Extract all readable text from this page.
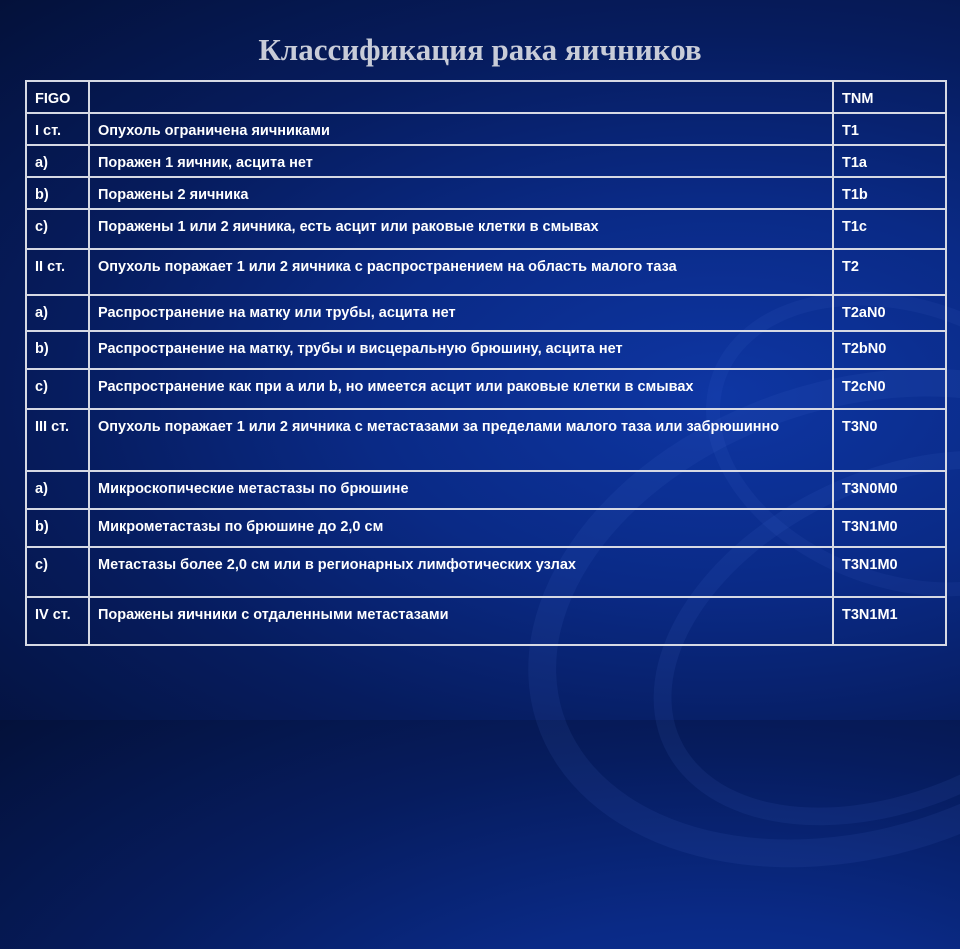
Классификация рака яичников
FIGO		TNM
I ст.	Опухоль ограничена яичниками	T1
а)	Поражен 1 яичник, асцита нет	T1a
b)	Поражены 2 яичника	T1b
c)	Поражены 1 или 2 яичника, есть асцит или раковые клетки в смывах	T1c
II ст.	Опухоль поражает 1 или 2 яичника с распространением на область малого таза	T2
a)	Распространение на матку или трубы, асцита нет	T2aN0
b)	Распространение на матку, трубы и висцеральную брюшину, асцита нет	T2bN0
c)	Распространение как при a или b, но имеется асцит или раковые клетки в смывах	T2cN0
III ст.	Опухоль поражает 1 или 2 яичника с метастазами за пределами малого таза или забрюшинно	T3N0
a)	Микроскопические метастазы по брюшине	T3N0M0
b)	Микрометастазы по брюшине до 2,0 см	T3N1M0
c)	Метастазы более 2,0 см или в регионарных лимфотических узлах	T3N1M0
IV ст.	Поражены яичники с отдаленными метастазами	T3N1M1
